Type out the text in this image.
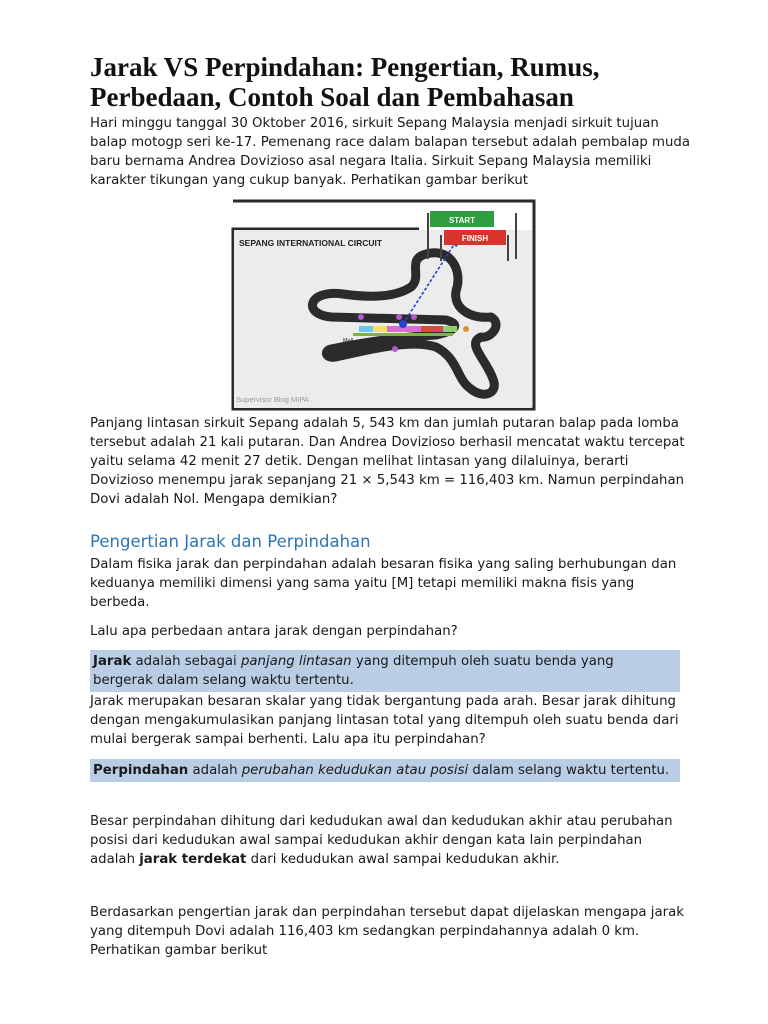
Jarak VS Perpindahan: Pengertian, Rumus, Perbedaan, Contoh Soal dan Pembahasan

Hari minggu tanggal 30 Oktober 2016, sirkuit Sepang Malaysia menjadi sirkuit tujuan balap motogp seri ke-17. Pemenang race dalam balapan tersebut adalah pembalap muda baru bernama Andrea Dovizioso asal negara Italia. Sirkuit Sepang Malaysia memiliki karakter tikungan yang cukup banyak. Perhatikan gambar berikut

START
FINISH
SEPANG INTERNATIONAL CIRCUIT
Mall
Supervisor Blog MIPA

Panjang lintasan sirkuit Sepang adalah 5, 543 km dan jumlah putaran balap pada lomba tersebut adalah 21 kali putaran. Dan Andrea Dovizioso berhasil mencatat waktu tercepat yaitu selama 42 menit 27 detik. Dengan melihat lintasan yang dilaluinya, berarti Dovizioso menempu jarak sepanjang 21 × 5,543 km = 116,403 km. Namun perpindahan Dovi adalah Nol. Mengapa demikian?

Pengertian Jarak dan Perpindahan

Dalam fisika jarak dan perpindahan adalah besaran fisika yang saling berhubungan dan keduanya memiliki dimensi yang sama yaitu [M] tetapi memiliki makna fisis yang berbeda.

Lalu apa perbedaan antara jarak dengan perpindahan?

Jarak adalah sebagai panjang lintasan yang ditempuh oleh suatu benda yang bergerak dalam selang waktu tertentu.

Jarak merupakan besaran skalar yang tidak bergantung pada arah. Besar jarak dihitung dengan mengakumulasikan panjang lintasan total yang ditempuh oleh suatu benda dari mulai bergerak sampai berhenti. Lalu apa itu perpindahan?

Perpindahan adalah perubahan kedudukan atau posisi dalam selang waktu tertentu.

Besar perpindahan dihitung dari kedudukan awal dan kedudukan akhir atau perubahan posisi dari kedudukan awal sampai kedudukan akhir dengan kata lain perpindahan adalah jarak terdekat dari kedudukan awal sampai kedudukan akhir.

Berdasarkan pengertian jarak dan perpindahan tersebut dapat dijelaskan mengapa jarak yang ditempuh Dovi adalah 116,403 km sedangkan perpindahannya adalah 0 km. Perhatikan gambar berikut
